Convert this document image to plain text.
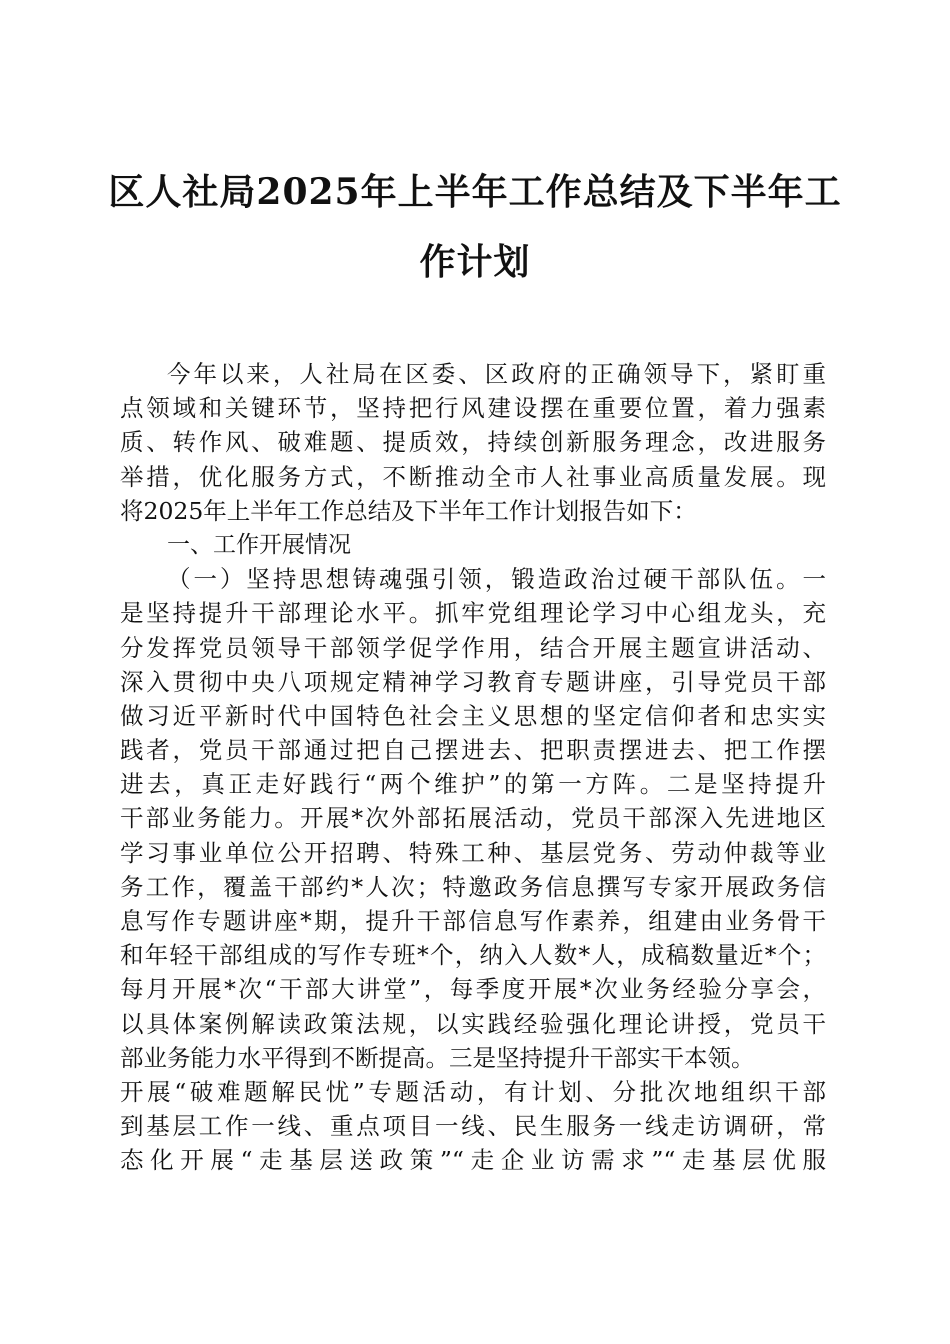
区人社局2025年上半年工作总结及下半年工
作计划
今年以来，人社局在区委、区政府的正确领导下，紧盯重
点领域和关键环节，坚持把行风建设摆在重要位置，着力强素
质、转作风、破难题、提质效，持续创新服务理念，改进服务
举措，优化服务方式，不断推动全市人社事业高质量发展。现
将2025年上半年工作总结及下半年工作计划报告如下：
一、工作开展情况
（一）坚持思想铸魂强引领，锻造政治过硬干部队伍。一
是坚持提升干部理论水平。抓牢党组理论学习中心组龙头，充
分发挥党员领导干部领学促学作用，结合开展主题宣讲活动、
深入贯彻中央八项规定精神学习教育专题讲座，引导党员干部
做习近平新时代中国特色社会主义思想的坚定信仰者和忠实实
践者，党员干部通过把自己摆进去、把职责摆进去、把工作摆
进去，真正走好践行“两个维护”的第一方阵。二是坚持提升
干部业务能力。开展*次外部拓展活动，党员干部深入先进地区
学习事业单位公开招聘、特殊工种、基层党务、劳动仲裁等业
务工作，覆盖干部约*人次；特邀政务信息撰写专家开展政务信
息写作专题讲座*期，提升干部信息写作素养，组建由业务骨干
和年轻干部组成的写作专班*个，纳入人数*人，成稿数量近*个；
每月开展*次“干部大讲堂”，每季度开展*次业务经验分享会，
以具体案例解读政策法规，以实践经验强化理论讲授，党员干
部业务能力水平得到不断提高。三是坚持提升干部实干本领。
开展“破难题解民忧”专题活动，有计划、分批次地组织干部
到基层工作一线、重点项目一线、民生服务一线走访调研，常
态化开展“走基层送政策”“走企业访需求”“走基层优服
